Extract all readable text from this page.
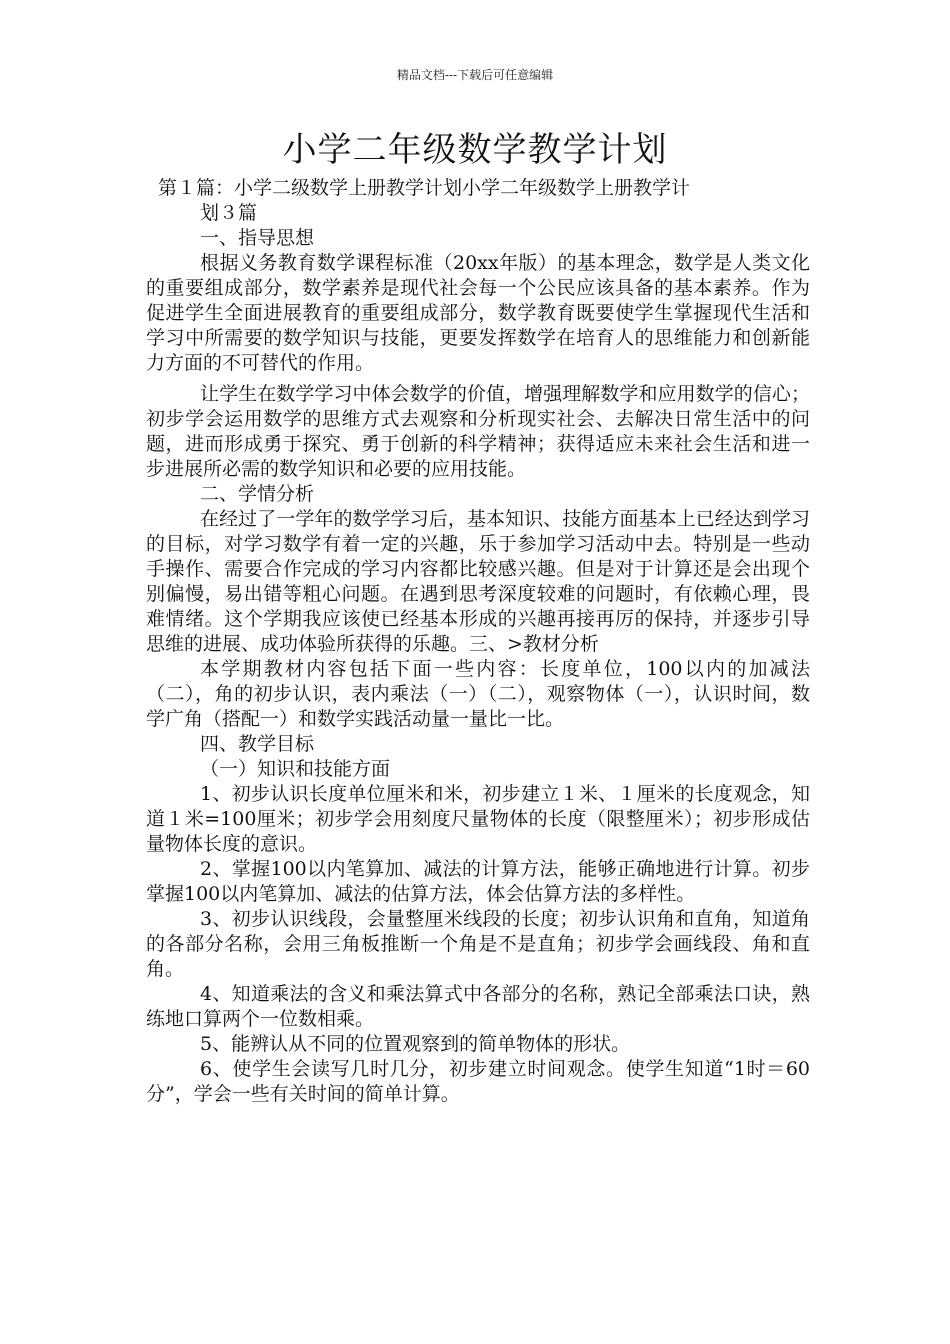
精品文档---下载后可任意编辑
小学二年级数学教学计划

第１篇：小学二级数学上册教学计划小学二年级数学上册教学计

划３篇

一、指导思想

根据义务教育数学课程标准（20xx年版）的基本理念，数学是人类文化的重要组成部分，数学素养是现代社会每一个公民应该具备的基本素养。作为促进学生全面进展教育的重要组成部分，数学教育既要使学生掌握现代生活和学习中所需要的数学知识与技能，更要发挥数学在培育人的思维能力和创新能力方面的不可替代的作用。

让学生在数学学习中体会数学的价值，增强理解数学和应用数学的信心；初步学会运用数学的思维方式去观察和分析现实社会、去解决日常生活中的问题，进而形成勇于探究、勇于创新的科学精神；获得适应未来社会生活和进一步进展所必需的数学知识和必要的应用技能。

二、学情分析

在经过了一学年的数学学习后，基本知识、技能方面基本上已经达到学习的目标，对学习数学有着一定的兴趣，乐于参加学习活动中去。特别是一些动手操作、需要合作完成的学习内容都比较感兴趣。但是对于计算还是会出现个别偏慢，易出错等粗心问题。在遇到思考深度较难的问题时，有依赖心理，畏难情绪。这个学期我应该使已经基本形成的兴趣再接再厉的保持，并逐步引导思维的进展、成功体验所获得的乐趣。三、>教材分析

本学期教材内容包括下面一些内容：长度单位，100以内的加减法（二），角的初步认识，表内乘法（一）（二），观察物体（一），认识时间，数学广角（搭配一）和数学实践活动量一量比一比。

四、教学目标

（一）知识和技能方面

1、初步认识长度单位厘米和米，初步建立１米、１厘米的长度观念，知道１米=100厘米；初步学会用刻度尺量物体的长度（限整厘米）；初步形成估量物体长度的意识。

2、掌握100以内笔算加、减法的计算方法，能够正确地进行计算。初步掌握100以内笔算加、减法的估算方法，体会估算方法的多样性。

3、初步认识线段，会量整厘米线段的长度；初步认识角和直角，知道角的各部分名称，会用三角板推断一个角是不是直角；初步学会画线段、角和直角。

4、知道乘法的含义和乘法算式中各部分的名称，熟记全部乘法口诀，熟练地口算两个一位数相乘。

5、能辨认从不同的位置观察到的简单物体的形状。

6、使学生会读写几时几分，初步建立时间观念。使学生知道“1时＝60分”，学会一些有关时间的简单计算。
